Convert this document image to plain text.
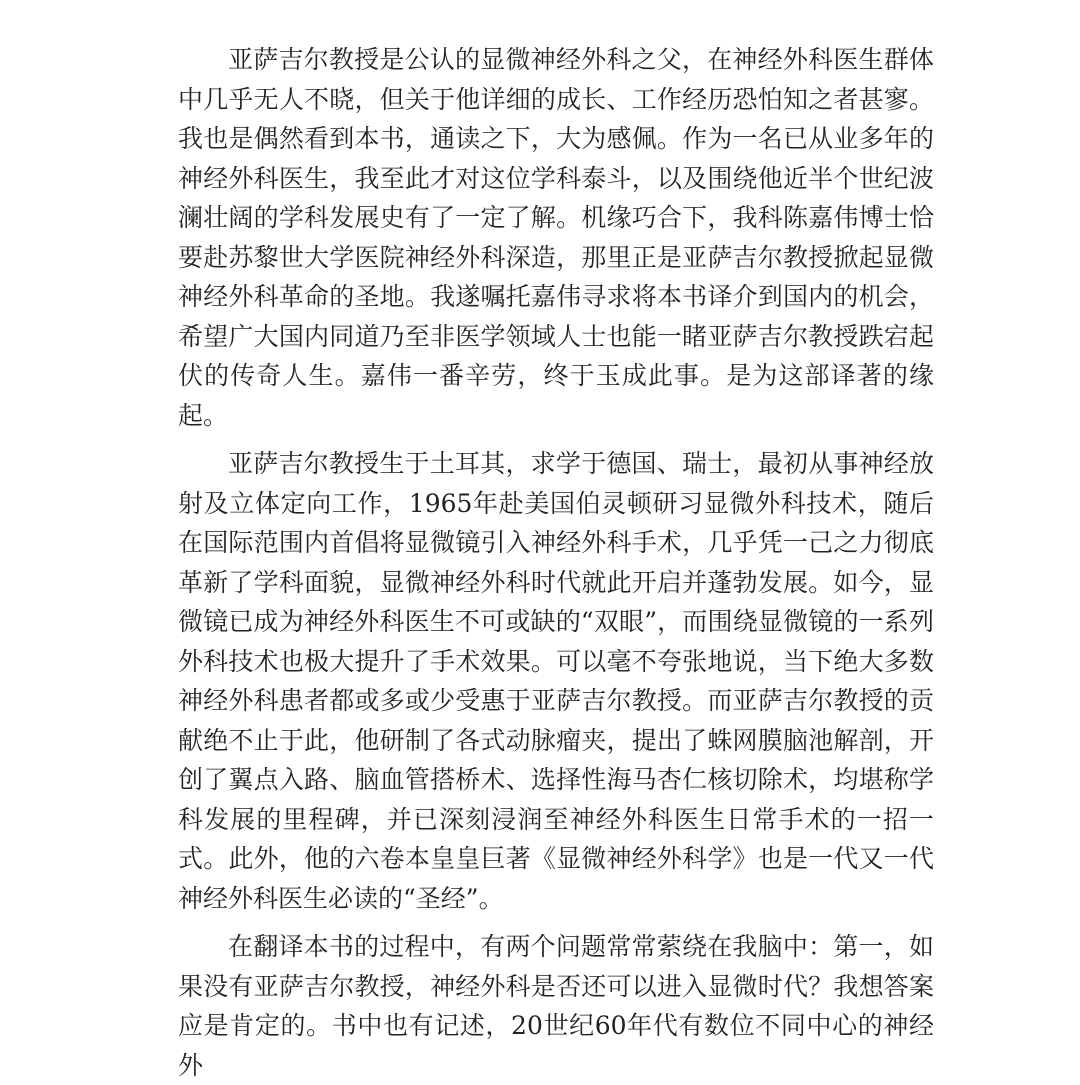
亚萨吉尔教授是公认的显微神经外科之父，在神经外科医生群体中几乎无人不晓，但关于他详细的成长、工作经历恐怕知之者甚寥。我也是偶然看到本书，通读之下，大为感佩。作为一名已从业多年的神经外科医生，我至此才对这位学科泰斗，以及围绕他近半个世纪波澜壮阔的学科发展史有了一定了解。机缘巧合下，我科陈嘉伟博士恰要赴苏黎世大学医院神经外科深造，那里正是亚萨吉尔教授掀起显微神经外科革命的圣地。我遂嘱托嘉伟寻求将本书译介到国内的机会，希望广大国内同道乃至非医学领域人士也能一睹亚萨吉尔教授跌宕起伏的传奇人生。嘉伟一番辛劳，终于玉成此事。是为这部译著的缘起。

亚萨吉尔教授生于土耳其，求学于德国、瑞士，最初从事神经放射及立体定向工作，1965年赴美国伯灵顿研习显微外科技术，随后在国际范围内首倡将显微镜引入神经外科手术，几乎凭一己之力彻底革新了学科面貌，显微神经外科时代就此开启并蓬勃发展。如今，显微镜已成为神经外科医生不可或缺的“双眼”，而围绕显微镜的一系列外科技术也极大提升了手术效果。可以毫不夸张地说，当下绝大多数神经外科患者都或多或少受惠于亚萨吉尔教授。而亚萨吉尔教授的贡献绝不止于此，他研制了各式动脉瘤夹，提出了蛛网膜脑池解剖，开创了翼点入路、脑血管搭桥术、选择性海马杏仁核切除术，均堪称学科发展的里程碑，并已深刻浸润至神经外科医生日常手术的一招一式。此外，他的六卷本皇皇巨著《显微神经外科学》也是一代又一代神经外科医生必读的“圣经”。

在翻译本书的过程中，有两个问题常常萦绕在我脑中：第一，如果没有亚萨吉尔教授，神经外科是否还可以进入显微时代？我想答案应是肯定的。书中也有记述，20世纪60年代有数位不同中心的神经外
